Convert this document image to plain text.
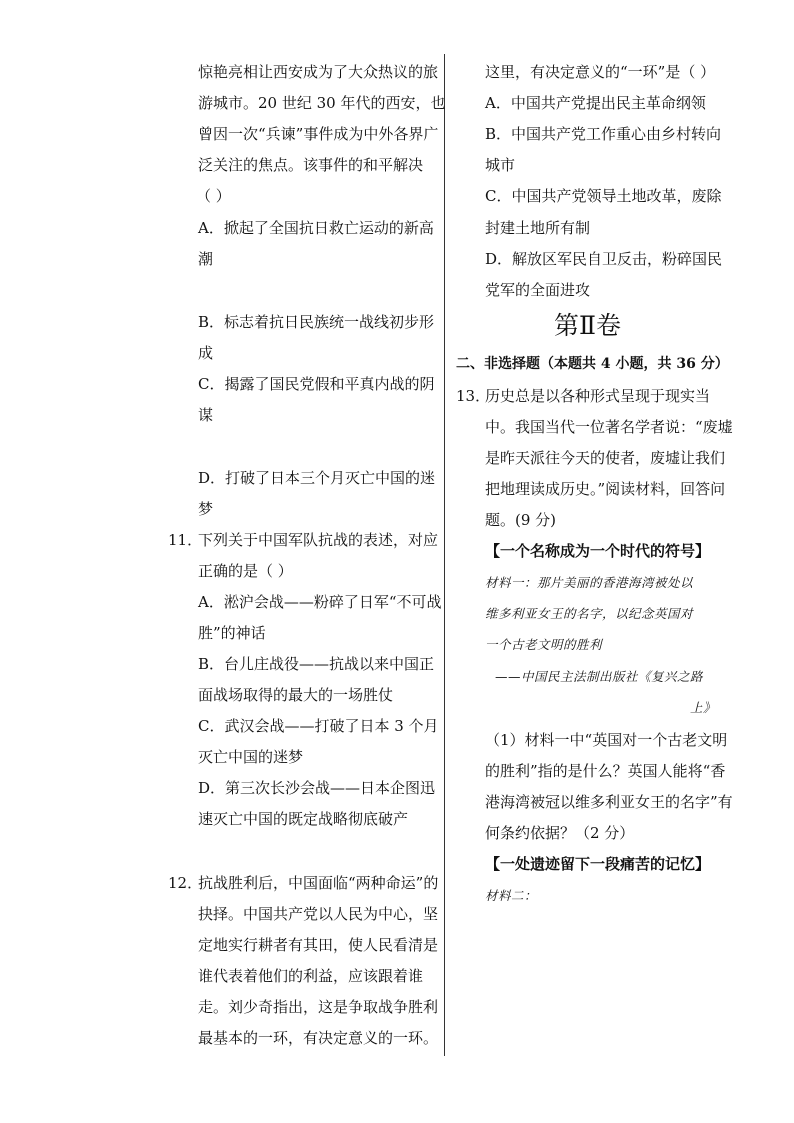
惊艳亮相让西安成为了大众热议的旅
游城市。20 世纪 30 年代的西安，也
曾因一次“兵谏”事件成为中外各界广
泛关注的焦点。该事件的和平解决
（ ）
A．掀起了全国抗日救亡运动的新高
潮
B．标志着抗日民族统一战线初步形
成
C．揭露了国民党假和平真内战的阴
谋
D．打破了日本三个月灭亡中国的迷
梦
11．
下列关于中国军队抗战的表述，对应
正确的是（ ）
A．淞沪会战——粉碎了日军“不可战
胜”的神话
B．台儿庄战役——抗战以来中国正
面战场取得的最大的一场胜仗
C．武汉会战——打破了日本 3 个月
灭亡中国的迷梦
D．第三次长沙会战——日本企图迅
速灭亡中国的既定战略彻底破产
12．
抗战胜利后，中国面临“两种命运”的
抉择。中国共产党以人民为中心，坚
定地实行耕者有其田，使人民看清是
谁代表着他们的利益，应该跟着谁
走。刘少奇指出，这是争取战争胜利
最基本的一环，有决定意义的一环。
这里，有决定意义的“一环”是（ ）
A．中国共产党提出民主革命纲领
B．中国共产党工作重心由乡村转向
城市
C．中国共产党领导土地改革，废除
封建土地所有制
D．解放区军民自卫反击，粉碎国民
党军的全面进攻
第Ⅱ卷
二、非选择题（本题共 4 小题，共 36 分）
13．
历史总是以各种形式呈现于现实当
中。我国当代一位著名学者说：“废墟
是昨天派往今天的使者，废墟让我们
把地理读成历史。”阅读材料，回答问
题。(9 分)
【一个名称成为一个时代的符号】
材料一：那片美丽的香港海湾被处以
维多利亚女王的名字，以纪念英国对
一个古老文明的胜利
——中国民主法制出版社《复兴之路
上》
（1）材料一中“英国对一个古老文明
的胜利”指的是什么？英国人能将“香
港海湾被冠以维多利亚女王的名字”有
何条约依据？（2 分）
【一处遗迹留下一段痛苦的记忆】
材料二：
